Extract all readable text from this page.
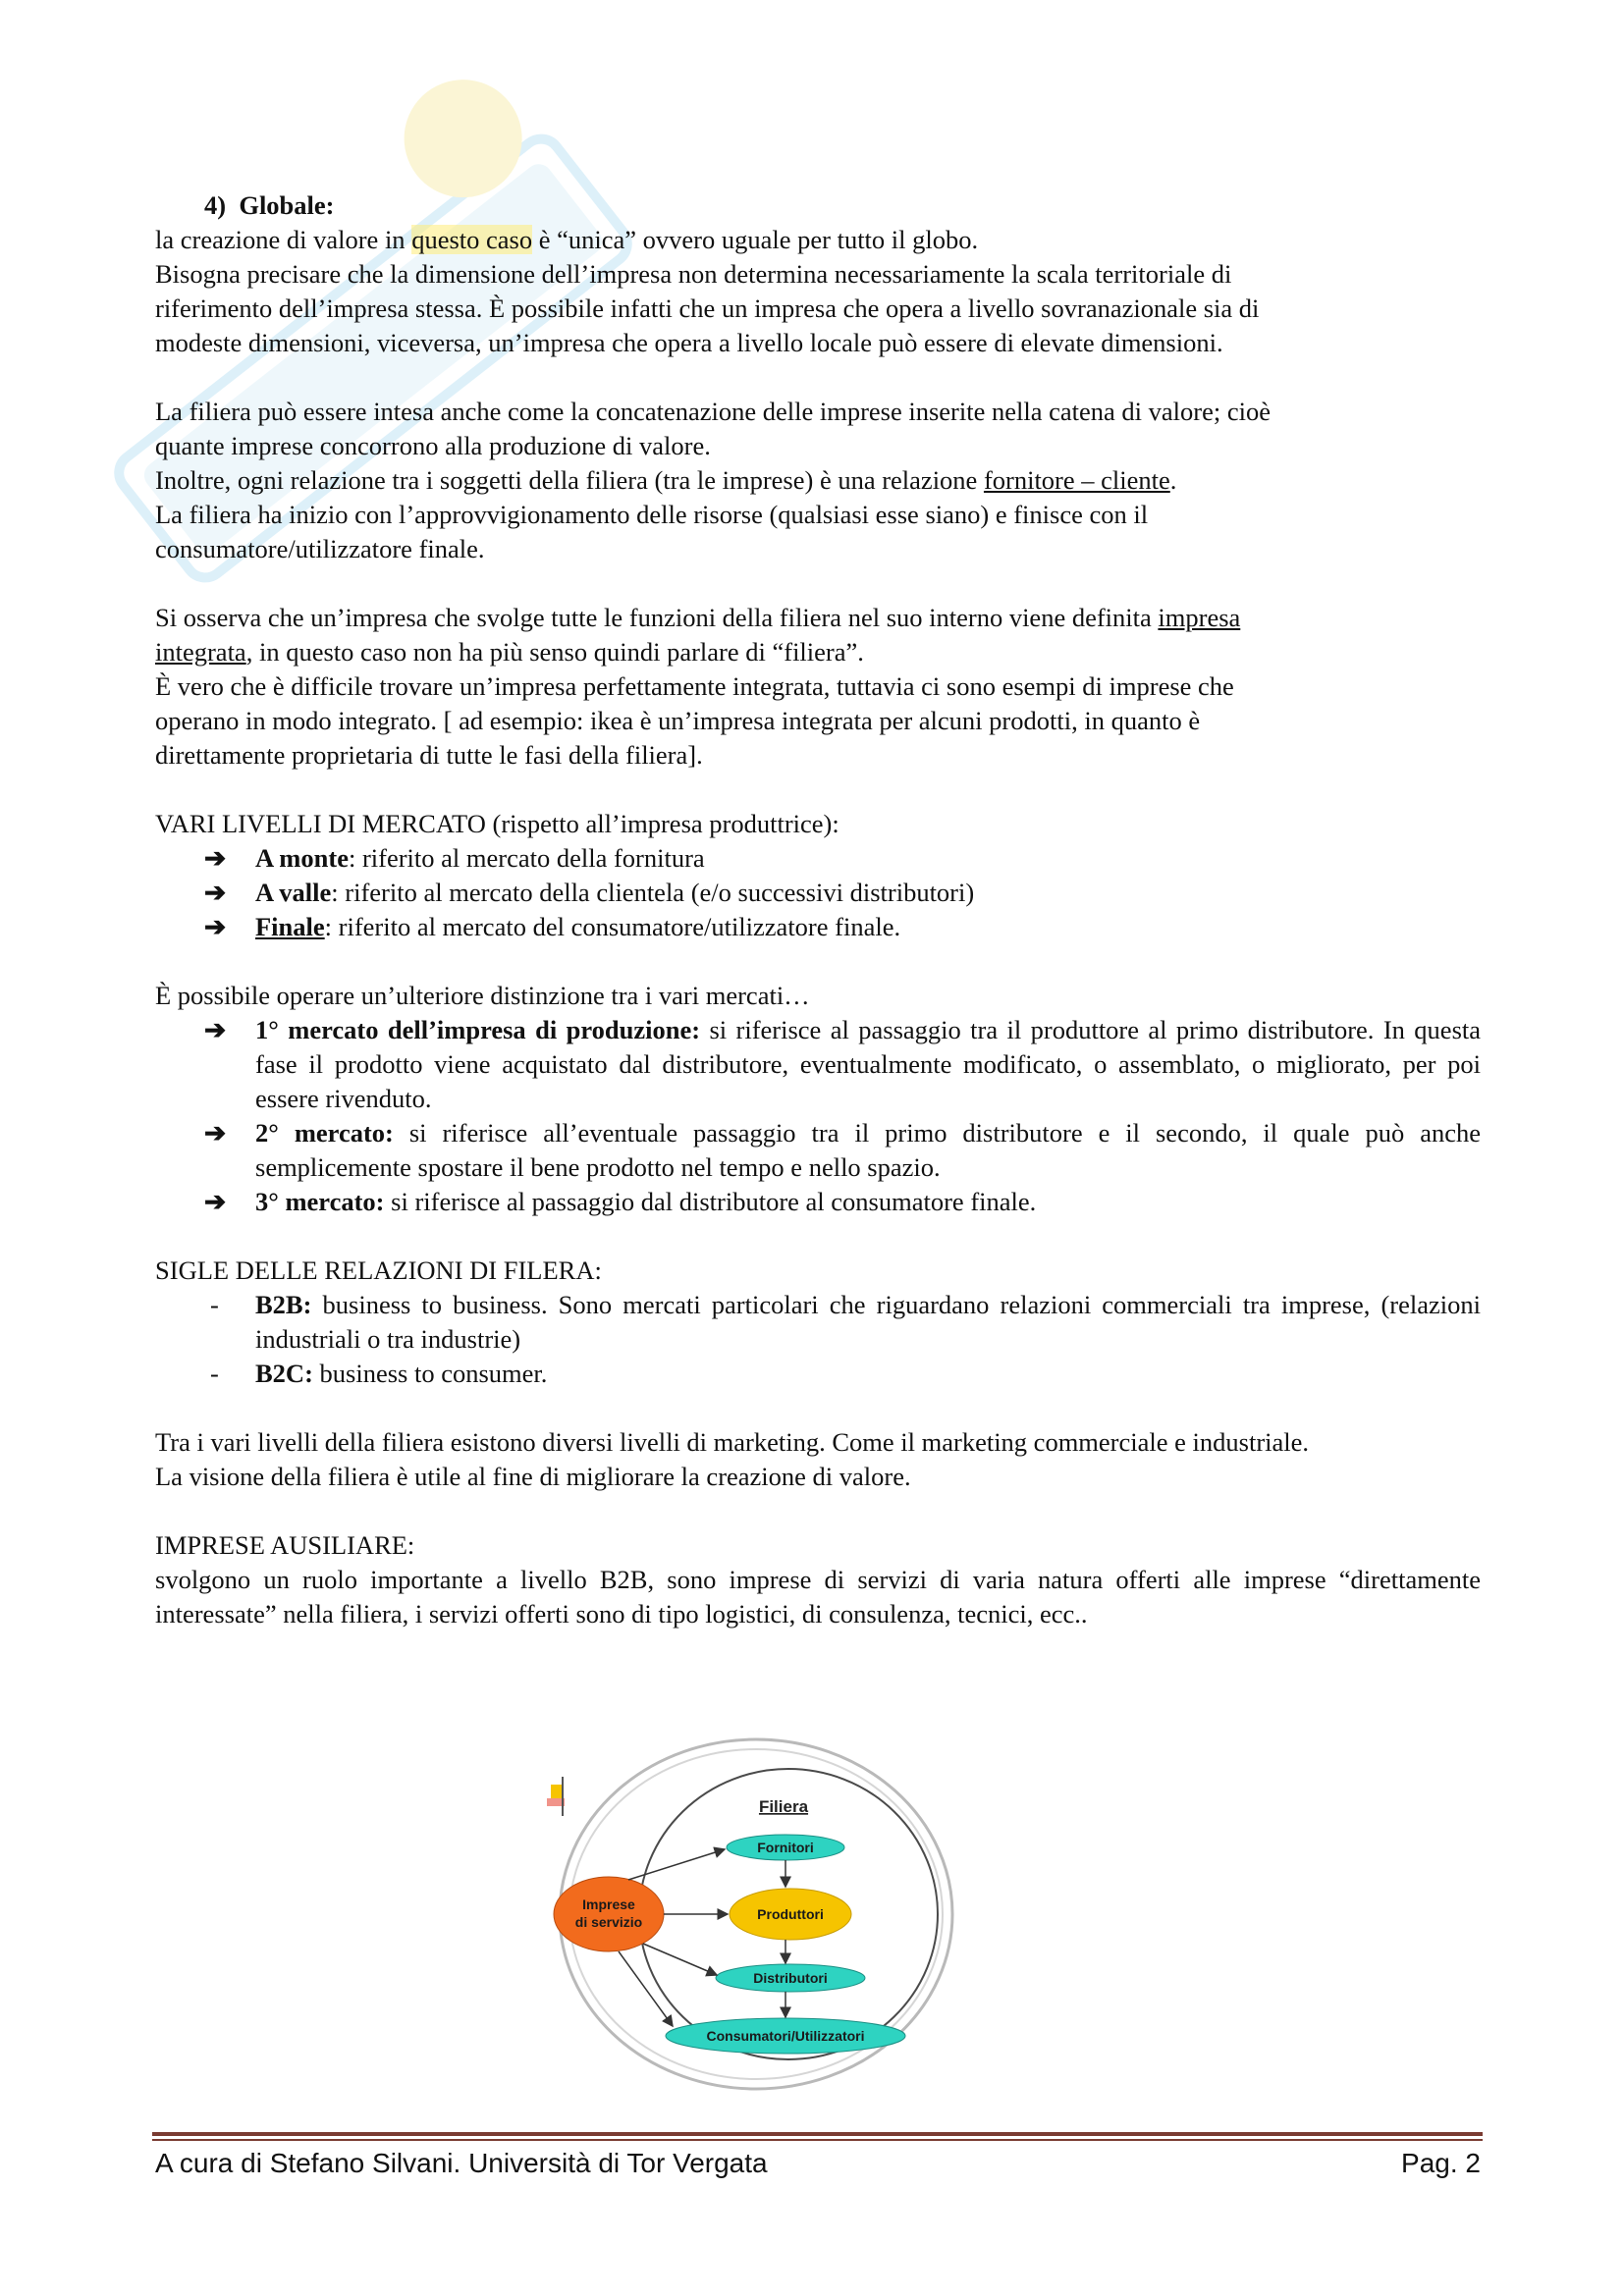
4) Globale:

la creazione di valore in questo caso è “unica” ovvero uguale per tutto il globo.
Bisogna precisare che la dimensione dell’impresa non determina necessariamente la scala territoriale di
riferimento dell’impresa stessa. È possibile infatti che un impresa che opera a livello sovranazionale sia di
modeste dimensioni, viceversa, un’impresa che opera a livello locale può essere di elevate dimensioni.

La filiera può essere intesa anche come la concatenazione delle imprese inserite nella catena di valore; cioè
quante imprese concorrono alla produzione di valore.
Inoltre, ogni relazione tra i soggetti della filiera (tra le imprese) è una relazione fornitore – cliente.
La filiera ha inizio con l’approvvigionamento delle risorse (qualsiasi esse siano) e finisce con il
consumatore/utilizzatore finale.

Si osserva che un’impresa che svolge tutte le funzioni della filiera nel suo interno viene definita impresa
integrata, in questo caso non ha più senso quindi parlare di “filiera”.
È vero che è difficile trovare un’impresa perfettamente integrata, tuttavia ci sono esempi di imprese che
operano in modo integrato. [ ad esempio: ikea è un’impresa integrata per alcuni prodotti, in quanto è
direttamente proprietaria di tutte le fasi della filiera].

VARI LIVELLI DI MERCATO (rispetto all’impresa produttrice):

➔ A monte: riferito al mercato della fornitura
➔ A valle: riferito al mercato della clientela (e/o successivi distributori)
➔ Finale: riferito al mercato del consumatore/utilizzatore finale.

È possibile operare un’ulteriore distinzione tra i vari mercati…

➔ 1° mercato dell’impresa di produzione: si riferisce al passaggio tra il produttore al primo distributore. In questa fase il prodotto viene acquistato dal distributore, eventualmente modificato, o assemblato, o migliorato, per poi essere rivenduto.
➔ 2° mercato: si riferisce all’eventuale passaggio tra il primo distributore e il secondo, il quale può anche semplicemente spostare il bene prodotto nel tempo e nello spazio.
➔ 3° mercato: si riferisce al passaggio dal distributore al consumatore finale.

SIGLE DELLE RELAZIONI DI FILERA:

- B2B: business to business. Sono mercati particolari che riguardano relazioni commerciali tra imprese, (relazioni industriali o tra industrie)
- B2C: business to consumer.

Tra i vari livelli della filiera esistono diversi livelli di marketing. Come il marketing commerciale e industriale.

La visione della filiera è utile al fine di migliorare la creazione di valore.

IMPRESE AUSILIARE:

svolgono un ruolo importante a livello B2B, sono imprese di servizi di varia natura offerti alle imprese “direttamente interessate” nella filiera, i servizi offerti sono di tipo logistici, di consulenza, tecnici, ecc..

Filiera
Fornitori
Produttori
Distributori
Consumatori/Utilizzatori
Imprese
di servizio
A cura di Stefano Silvani. Università di Tor Vergata	Pag. 2
